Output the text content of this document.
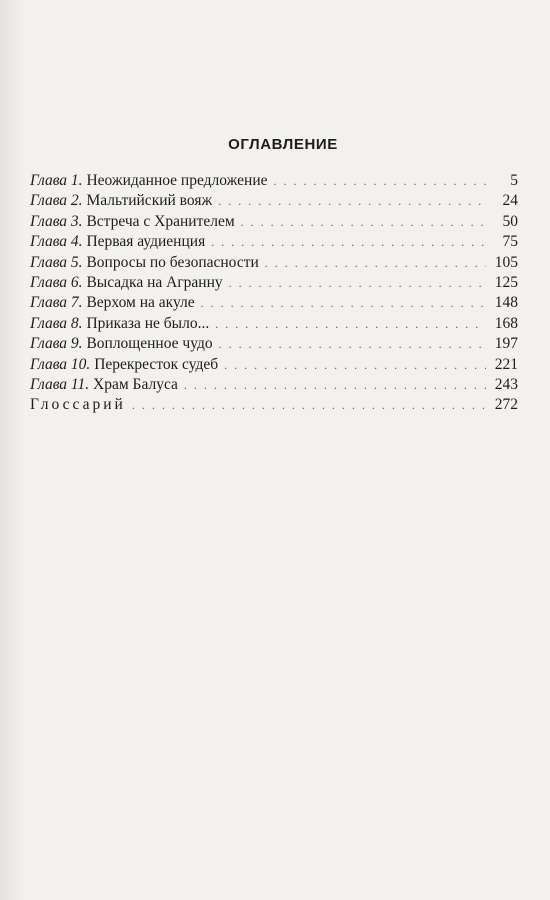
ОГЛАВЛЕНИЕ
Глава 1. Неожиданное предложение . . .	5
Глава 2. Мальтийский вояж . . .	24
Глава 3. Встреча с Хранителем . . .	50
Глава 4. Первая аудиенция . . .	75
Глава 5. Вопросы по безопасности . . .	105
Глава 6. Высадка на Агранну . . .	125
Глава 7. Верхом на акуле . . .	148
Глава 8. Приказа не было... . . .	168
Глава 9. Воплощенное чудо . . .	197
Глава 10. Перекресток судеб . . .	221
Глава 11. Храм Балуса . . .	243
Глоссарий . . .	272
